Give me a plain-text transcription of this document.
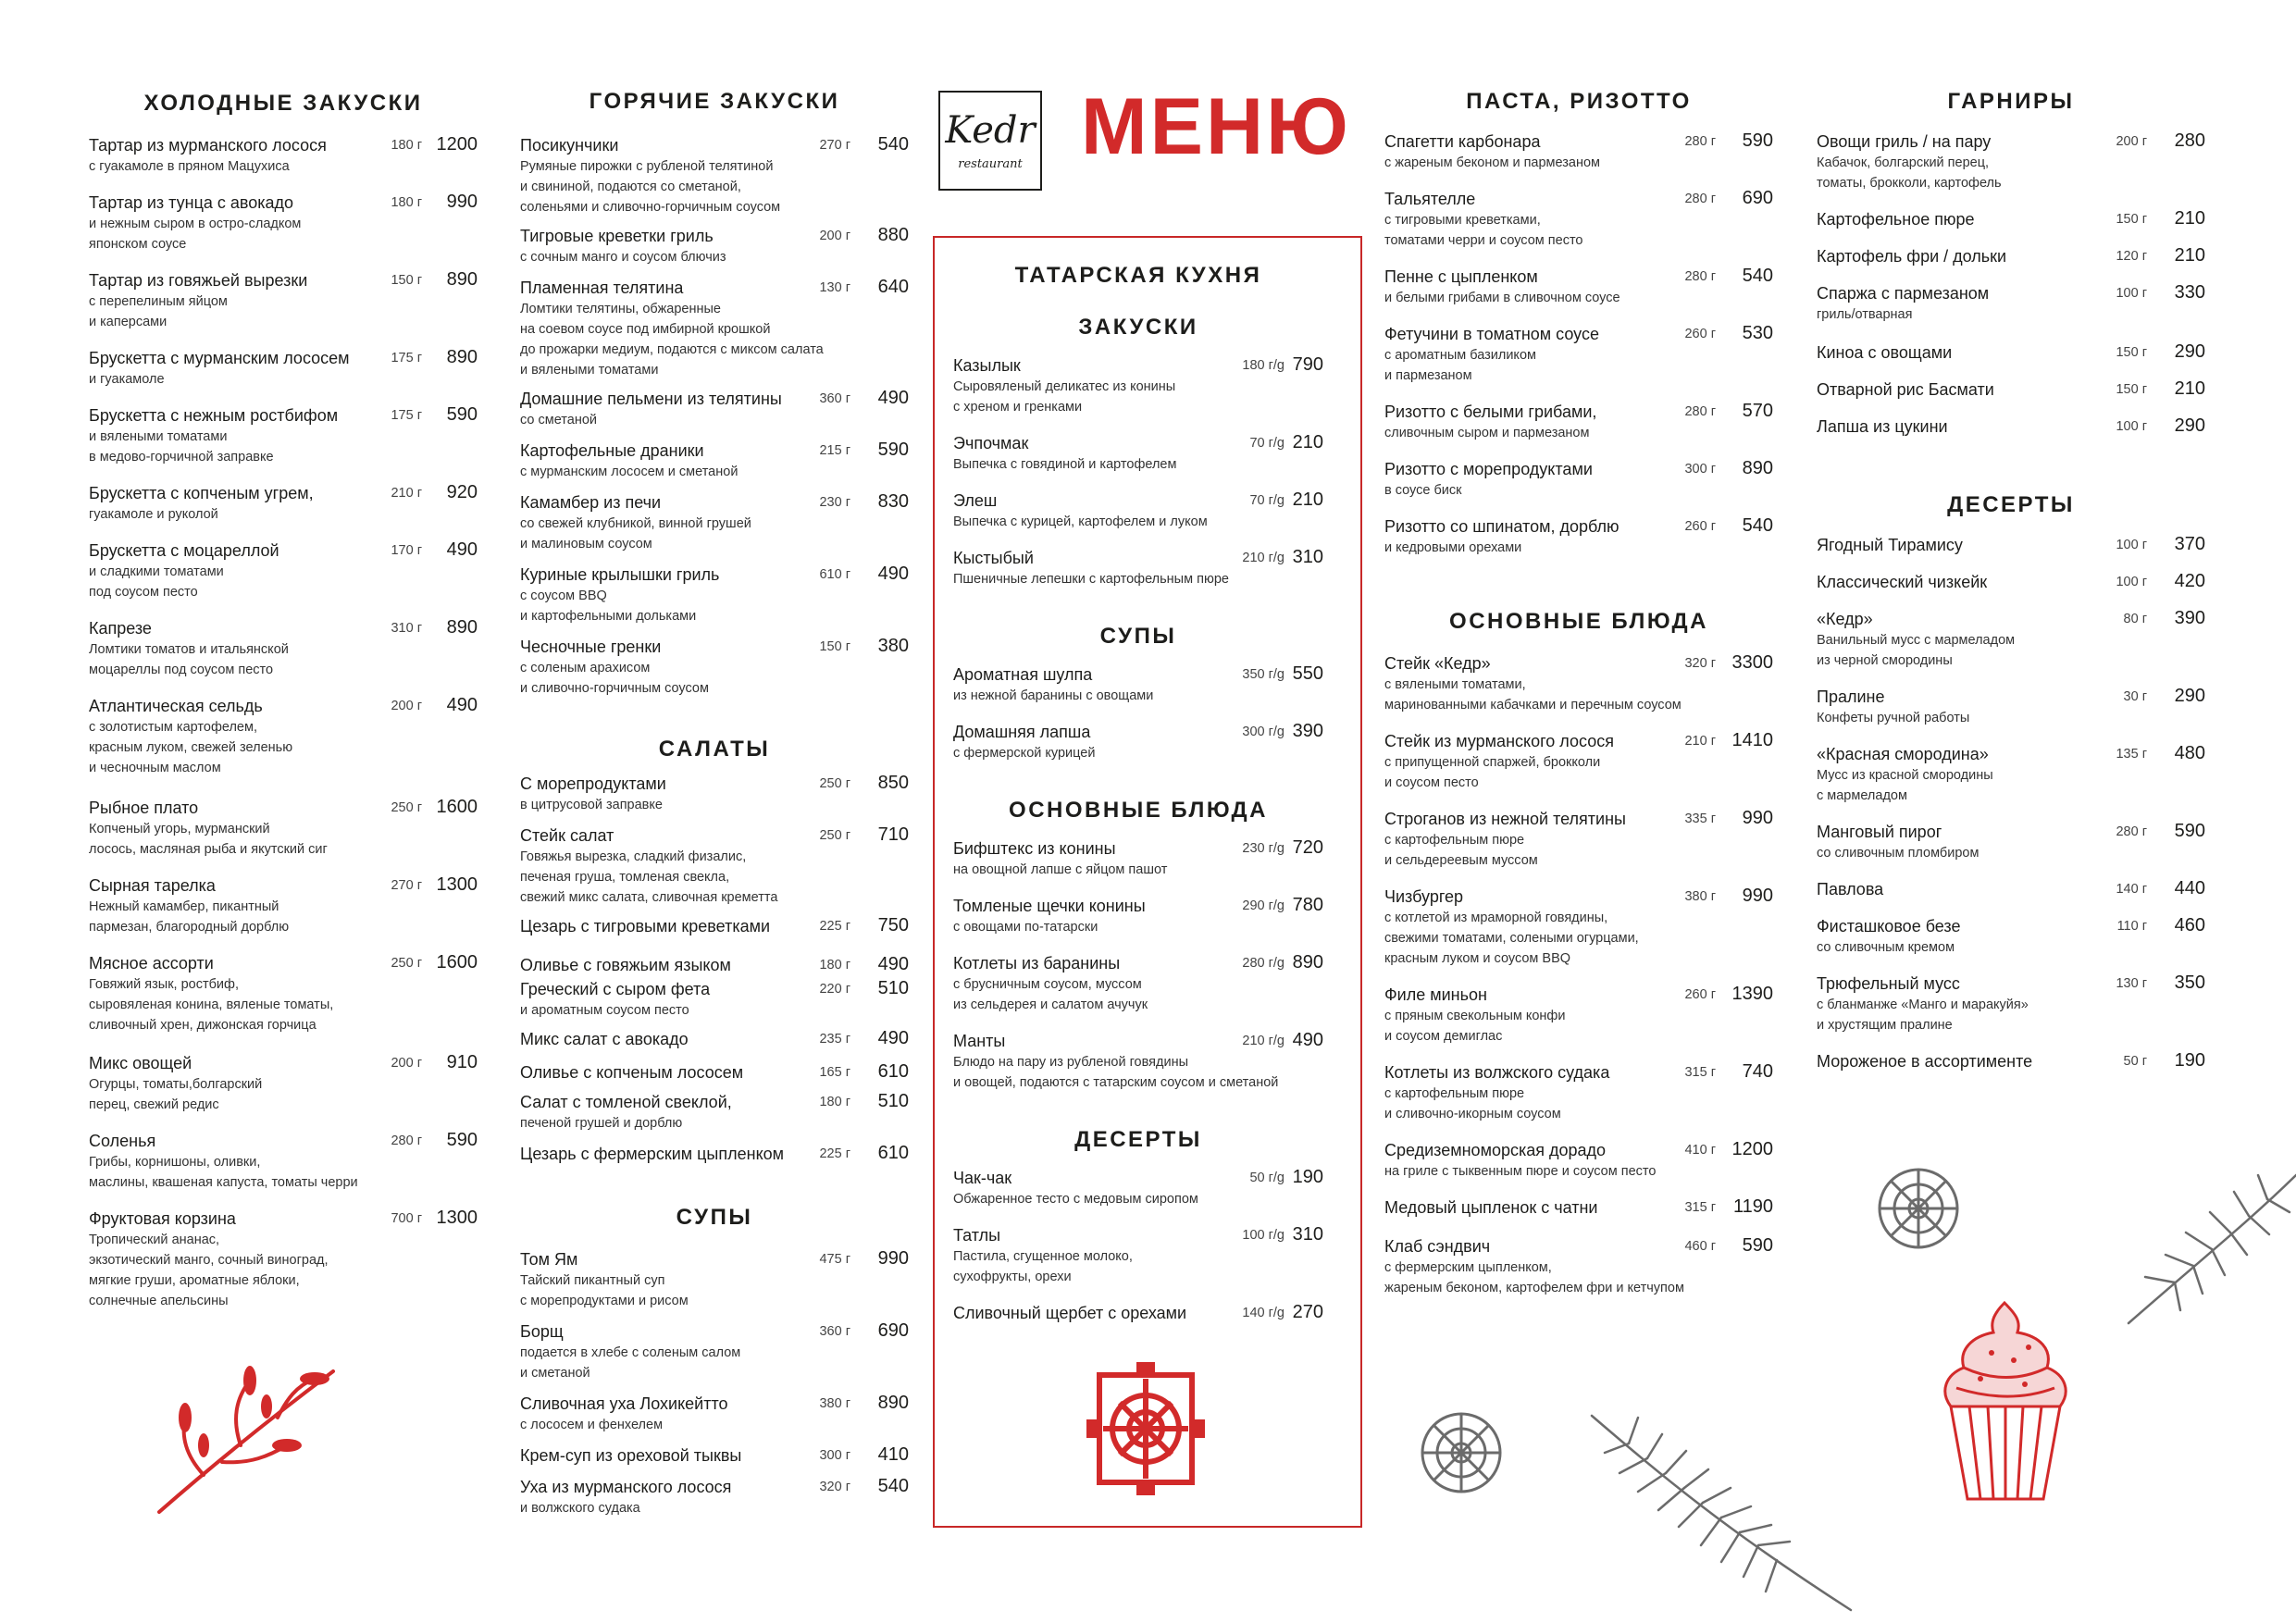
Kedr
restaurant МЕНЮ
ХОЛОДНЫЕ ЗАКУСКИ
Тартар из мурманского лосося
с гуакамоле в пряном Мацухиса
180 г 1200
Тартар из тунца с авокадо
и нежным сыром в остро-сладком
японском соусе
180 г 990
Тартар из говяжьей вырезки
с перепелиным яйцом
и каперсами
150 г 890
Брускетта с мурманским лососем
и гуакамоле
175 г 890
Брускетта с нежным ростбифом
и вялеными томатами
в медово-горчичной заправке
175 г 590
Брускетта с копченым угрем,
гуакамоле и руколой
210 г 920
Брускетта с моцареллой
и сладкими томатами
под соусом песто
170 г 490
Капрезе
Ломтики томатов и итальянской
моцареллы под соусом песто
310 г 890
Атлантическая сельдь
с золотистым картофелем,
красным луком, свежей зеленью
и чесночным маслом
200 г 490
Рыбное плато
Копченый угорь, мурманский
лосось, масляная рыба и якутский сиг
250 г 1600
Сырная тарелка
Нежный камамбер, пикантный
пармезан, благородный дорблю
270 г 1300
Мясное ассорти
Говяжий язык, ростбиф,
сыровяленая конина, вяленые томаты,
сливочный хрен, дижонская горчица
250 г 1600
Микс овощей
Огурцы, томаты,болгарский
перец, свежий редис
200 г 910
Соленья
Грибы, корнишоны, оливки,
маслины, квашеная капуста, томаты черри
280 г 590
Фруктовая корзина
Тропический ананас,
экзотический манго, сочный виноград,
мягкие груши, ароматные яблоки,
солнечные апельсины
700 г 1300
ГОРЯЧИЕ ЗАКУСКИ
Посикунчики
Румяные пирожки с рубленой телятиной
и свининой, подаются со сметаной,
соленьями и сливочно-горчичным соусом
270 г 540
Тигровые креветки гриль
с сочным манго и соусом блючиз
200 г 880
Пламенная телятина
Ломтики телятины, обжаренные
на соевом соусе под имбирной крошкой
до прожарки медиум, подаются с миксом салата
и вялеными томатами
130 г 640
Домашние пельмени из телятины
со сметаной
360 г 490
Картофельные драники
с мурманским лососем и сметаной
215 г 590
Камамбер из печи
со свежей клубникой, винной грушей
и малиновым соусом
230 г 830
Куриные крылышки гриль
с соусом BBQ
и картофельными дольками
610 г 490
Чесночные гренки
с соленым арахисом
и сливочно-горчичным соусом
150 г 380
САЛАТЫ
С морепродуктами
в цитрусовой заправке
250 г 850
Стейк салат
Говяжья вырезка, сладкий физалис,
печеная груша, томленая свекла,
свежий микс салата, сливочная креметта
250 г 710
Цезарь с тигровыми креветками	225 г 750
Оливье с говяжьим языком	180 г 490
Греческий с сыром фета
и ароматным соусом песто
220 г 510
Микс салат с авокадо	235 г 490
Оливье с копченым лососем	165 г 610
Салат с томленой свеклой,
печеной грушей и дорблю
180 г 510
Цезарь с фермерским цыпленком	225 г 610
СУПЫ
Том Ям
Тайский пикантный суп
с морепродуктами и рисом
475 г 990
Борщ
подается в хлебе с соленым салом
и сметаной
360 г 690
Сливочная уха Лохикейтто
с лососем и фенхелем
380 г 890
Крем-суп из ореховой тыквы	300 г 410
Уха из мурманского лосося
и волжского судака
320 г 540
ТАТАРСКАЯ КУХНЯ
ЗАКУСКИ
Казылык
Сыровяленый деликатес из конины
с хреном и гренками
180 г/g 790
Эчпочмак
Выпечка с говядиной и картофелем
70 г/g 210
Элеш
Выпечка с курицей, картофелем и луком
70 г/g 210
Кыстыбый
Пшеничные лепешки с картофельным пюре
210 г/g 310
СУПЫ
Ароматная шулпа
из нежной баранины с овощами
350 г/g 550
Домашняя лапша
с фермерской курицей
300 г/g 390
ОСНОВНЫЕ БЛЮДА
Бифштекс из конины
на овощной лапше с яйцом пашот
230 г/g 720
Томленые щечки конины
с овощами по-татарски
290 г/g 780
Котлеты из баранины
с брусничным соусом, муссом
из сельдерея и салатом ачучук
280 г/g 890
Манты
Блюдо на пару из рубленой говядины
и овощей, подаются с татарским соусом и сметаной
210 г/g 490
ДЕСЕРТЫ
Чак-чак
Обжаренное тесто с медовым сиропом
50 г/g 190
Татлы
Пастила, сгущенное молоко,
сухофрукты, орехи
100 г/g 310
Сливочный щербет с орехами	140 г/g 270
ПАСТА, РИЗОТТО
Спагетти карбонара
с жареным беконом и пармезаном
280 г 590
Тальятелле
с тигровыми креветками,
томатами черри и соусом песто
280 г 690
Пенне с цыпленком
и белыми грибами в сливочном соусе
280 г 540
Фетучини в томатном соусе
с ароматным базиликом
и пармезаном
260 г 530
Ризотто с белыми грибами,
сливочным сыром и пармезаном
280 г 570
Ризотто с морепродуктами
в соусе биск
300 г 890
Ризотто со шпинатом, дорблю
и кедровыми орехами
260 г 540
ОСНОВНЫЕ БЛЮДА
Стейк «Кедр»
с вялеными томатами,
маринованными кабачками и перечным соусом
320 г 3300
Стейк из мурманского лосося
с припущенной спаржей, брокколи
и соусом песто
210 г 1410
Строганов из нежной телятины
с картофельным пюре
и сельдереевым муссом
335 г 990
Чизбургер
с котлетой из мраморной говядины,
свежими томатами, солеными огурцами,
красным луком и соусом BBQ
380 г 990
Филе миньон
с пряным свекольным конфи
и соусом демиглас
260 г 1390
Котлеты из волжского судака
с картофельным пюре
и сливочно-икорным соусом
315 г 740
Средиземноморская дорадо
на гриле с тыквенным пюре и соусом песто
410 г 1200
Медовый цыпленок с чатни	315 г 1190
Клаб сэндвич
с фермерским цыпленком,
жареным беконом, картофелем фри и кетчупом
460 г 590
ГАРНИРЫ
Овощи гриль / на пару
Кабачок, болгарский перец,
томаты, брокколи, картофель
200 г 280
Картофельное пюре	150 г 210
Картофель фри / дольки	120 г 210
Спаржа с пармезаном
гриль/отварная
100 г 330
Киноа с овощами	150 г 290
Отварной рис Басмати	150 г 210
Лапша из цукини	100 г 290
ДЕСЕРТЫ
Ягодный Тирамису	100 г 370
Классический чизкейк	100 г 420
«Кедр»
Ванильный мусс с мармеладом
из черной смородины
80 г 390
Пралине
Конфеты ручной работы
30 г 290
«Красная смородина»
Мусс из красной смородины
с мармеладом
135 г 480
Манговый пирог
со сливочным пломбиром
280 г 590
Павлова	140 г 440
Фисташковое безе
со сливочным кремом
110 г 460
Трюфельный мусс
с бланманже «Манго и маракуйя»
и хрустящим пралине
130 г 350
Мороженое в ассортименте	50 г 190
